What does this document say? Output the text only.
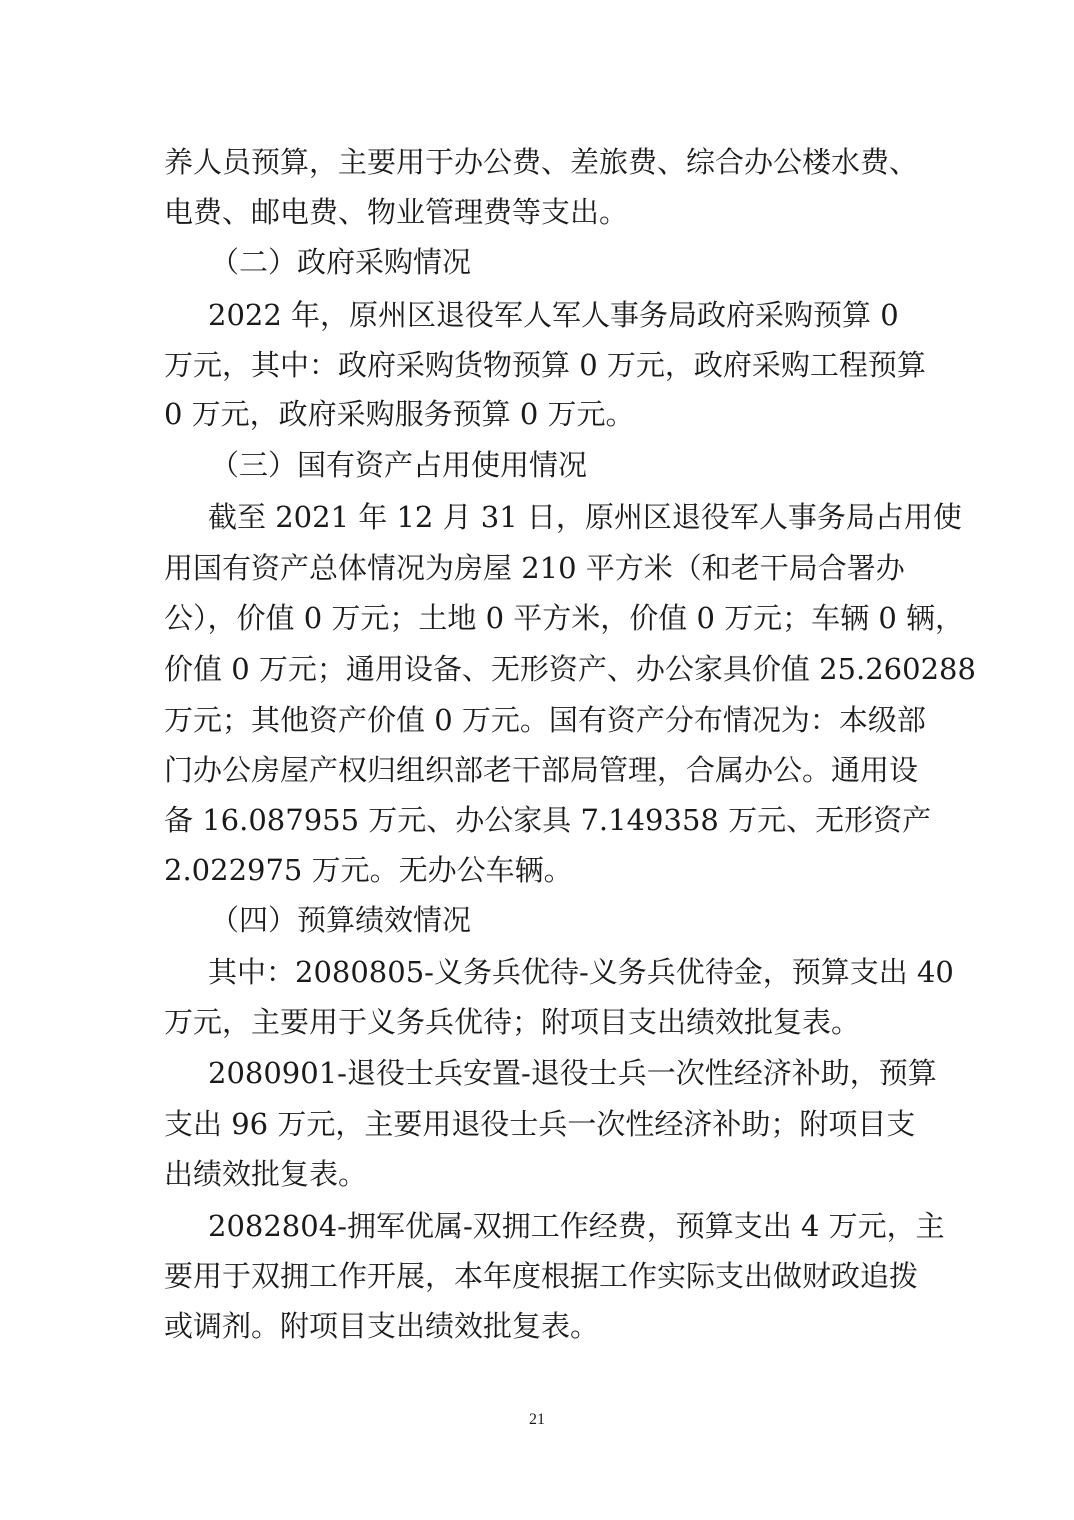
养人员预算，主要用于办公费、差旅费、综合办公楼水费、
电费、邮电费、物业管理费等支出。
（二）政府采购情况
2022 年，原州区退役军人军人事务局政府采购预算 0
万元，其中：政府采购货物预算 0 万元，政府采购工程预算
0 万元，政府采购服务预算 0 万元。
（三）国有资产占用使用情况
截至 2021 年 12 月 31 日，原州区退役军人事务局占用使
用国有资产总体情况为房屋 210 平方米（和老干局合署办
公），价值 0 万元；土地 0 平方米，价值 0 万元；车辆 0 辆，
价值 0 万元；通用设备、无形资产、办公家具价值 25.260288
万元；其他资产价值 0 万元。国有资产分布情况为：本级部
门办公房屋产权归组织部老干部局管理，合属办公。通用设
备 16.087955 万元、办公家具 7.149358 万元、无形资产
2.022975 万元。无办公车辆。
（四）预算绩效情况
其中：2080805-义务兵优待-义务兵优待金，预算支出 40
万元，主要用于义务兵优待；附项目支出绩效批复表。
2080901-退役士兵安置-退役士兵一次性经济补助，预算
支出 96 万元，主要用退役士兵一次性经济补助；附项目支
出绩效批复表。
2082804-拥军优属-双拥工作经费，预算支出 4 万元，主
要用于双拥工作开展，本年度根据工作实际支出做财政追拨
或调剂。附项目支出绩效批复表。
21
